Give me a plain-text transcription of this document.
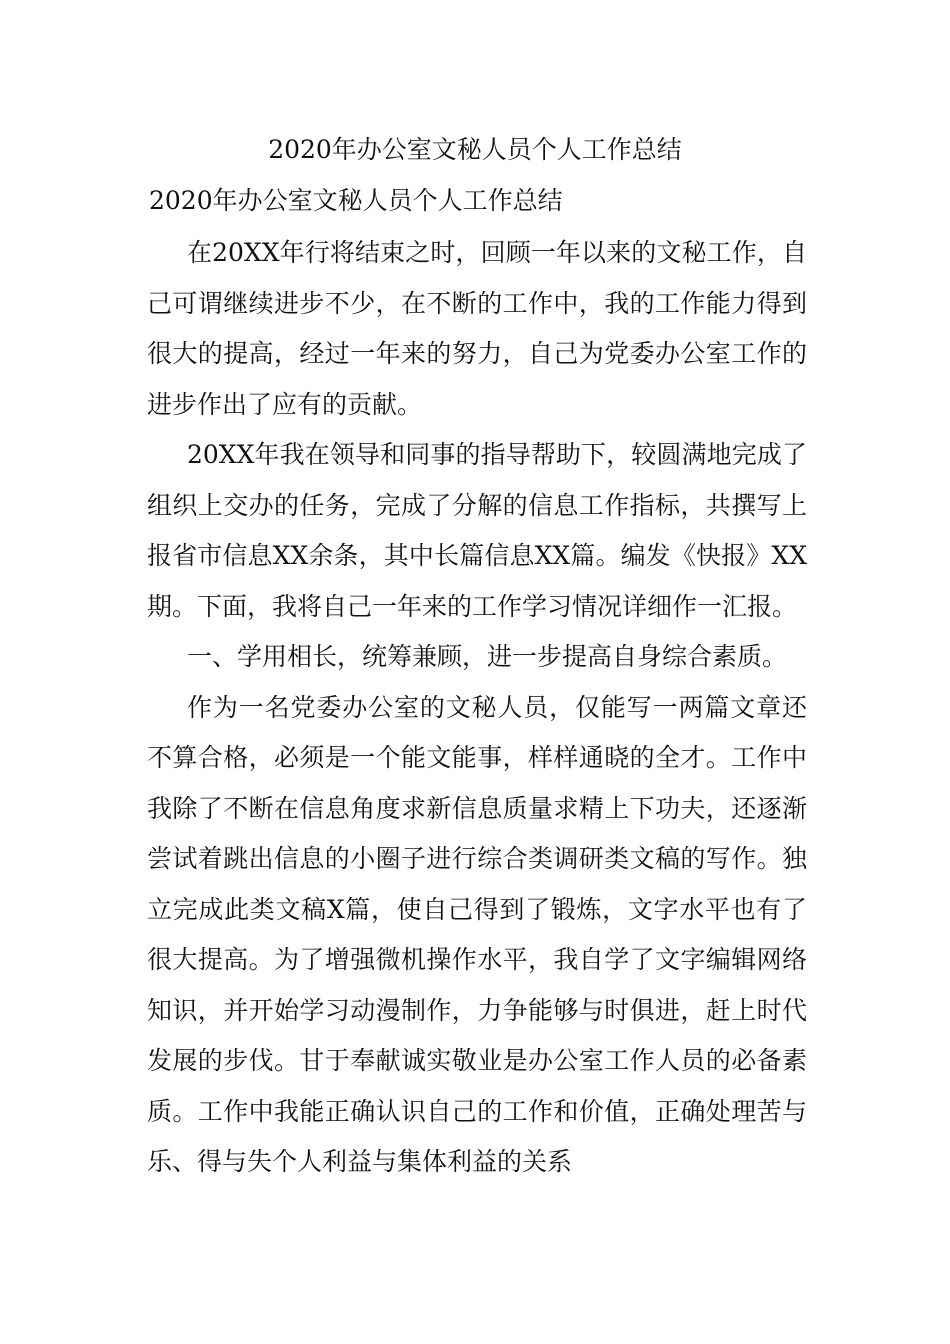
2020年办公室文秘人员个人工作总结
2020年办公室文秘人员个人工作总结

在20XX年行将结束之时，回顾一年以来的文秘工作，自己可谓继续进步不少，在不断的工作中，我的工作能力得到很大的提高，经过一年来的努力，自己为党委办公室工作的进步作出了应有的贡献。

20XX年我在领导和同事的指导帮助下，较圆满地完成了组织上交办的任务，完成了分解的信息工作指标，共撰写上报省市信息XX余条，其中长篇信息XX篇。编发《快报》XX期。下面，我将自己一年来的工作学习情况详细作一汇报。

一、学用相长，统筹兼顾，进一步提高自身综合素质。

作为一名党委办公室的文秘人员，仅能写一两篇文章还不算合格，必须是一个能文能事，样样通晓的全才。工作中我除了不断在信息角度求新信息质量求精上下功夫，还逐渐尝试着跳出信息的小圈子进行综合类调研类文稿的写作。独立完成此类文稿X篇，使自己得到了锻炼，文字水平也有了很大提高。为了增强微机操作水平，我自学了文字编辑网络知识，并开始学习动漫制作，力争能够与时俱进，赶上时代发展的步伐。甘于奉献诚实敬业是办公室工作人员的必备素质。工作中我能正确认识自己的工作和价值，正确处理苦与乐、得与失个人利益与集体利益的关系
